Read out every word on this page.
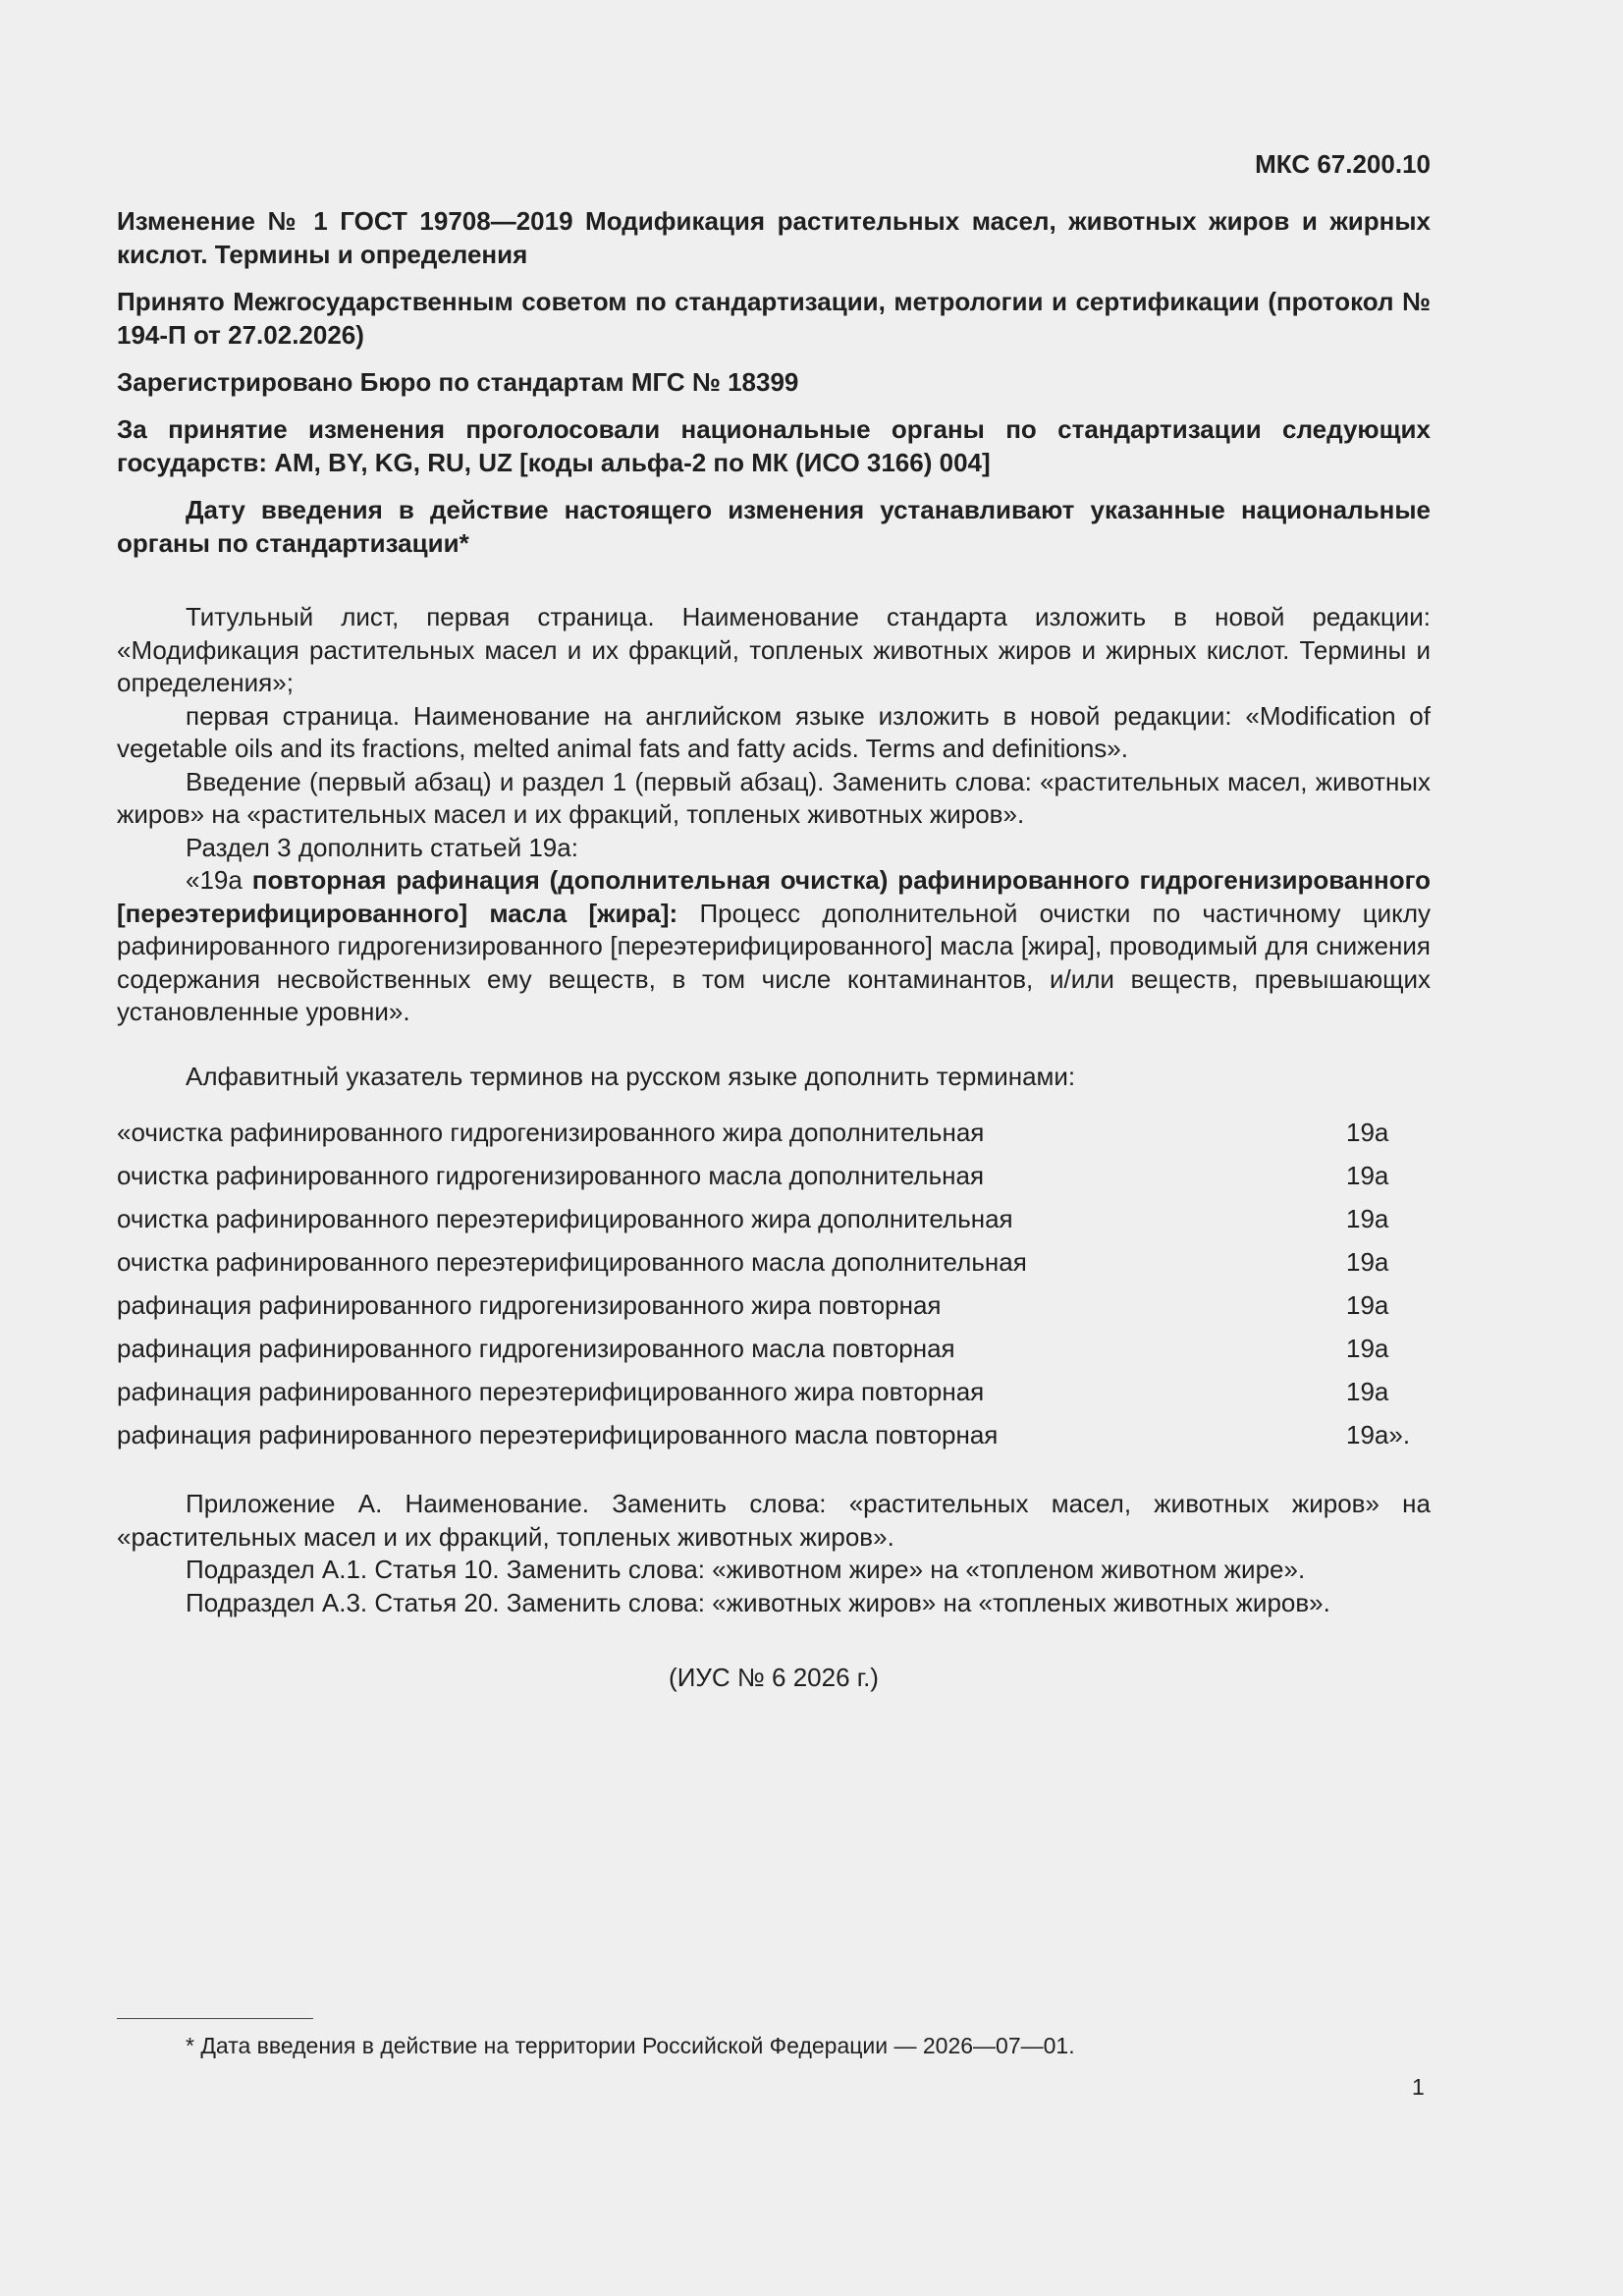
МКС 67.200.10
Изменение № 1 ГОСТ 19708—2019 Модификация растительных масел, животных жиров и жирных кислот. Термины и определения
Принято Межгосударственным советом по стандартизации, метрологии и сертификации (протокол № 194-П от 27.02.2026)
Зарегистрировано Бюро по стандартам МГС № 18399
За принятие изменения проголосовали национальные органы по стандартизации следующих государств: AM, BY, KG, RU, UZ [коды альфа-2 по МК (ИСО 3166) 004]
Дату введения в действие настоящего изменения устанавливают указанные национальные органы по стандартизации*

Титульный лист, первая страница. Наименование стандарта изложить в новой редакции: «Модификация растительных масел и их фракций, топленых животных жиров и жирных кислот. Термины и определения»;

первая страница. Наименование на английском языке изложить в новой редакции: «Modification of vegetable oils and its fractions, melted animal fats and fatty acids. Terms and definitions».

Введение (первый абзац) и раздел 1 (первый абзац). Заменить слова: «растительных масел, животных жиров» на «растительных масел и их фракций, топленых животных жиров».

Раздел 3 дополнить статьей 19а:

«19а повторная рафинация (дополнительная очистка) рафинированного гидрогенизированного [переэтерифицированного] масла [жира]: Процесс дополнительной очистки по частичному циклу рафинированного гидрогенизированного [переэтерифицированного] масла [жира], проводимый для снижения содержания несвойственных ему веществ, в том числе контаминантов, и/или веществ, превышающих установленные уровни».

Алфавитный указатель терминов на русском языке дополнить терминами:

«очистка рафинированного гидрогенизированного жира дополнительная	19а
очистка рафинированного гидрогенизированного масла дополнительная	19а
очистка рафинированного переэтерифицированного жира дополнительная	19а
очистка рафинированного переэтерифицированного масла дополнительная	19а
рафинация рафинированного гидрогенизированного жира повторная	19а
рафинация рафинированного гидрогенизированного масла повторная	19а
рафинация рафинированного переэтерифицированного жира повторная	19а
рафинация рафинированного переэтерифицированного масла повторная	19а».

Приложение А. Наименование. Заменить слова: «растительных масел, животных жиров» на «растительных масел и их фракций, топленых животных жиров».

Подраздел А.1. Статья 10. Заменить слова: «животном жире» на «топленом животном жире».

Подраздел А.3. Статья 20. Заменить слова: «животных жиров» на «топленых животных жиров».

(ИУС № 6 2026 г.)
* Дата введения в действие на территории Российской Федерации — 2026—07—01.
1
